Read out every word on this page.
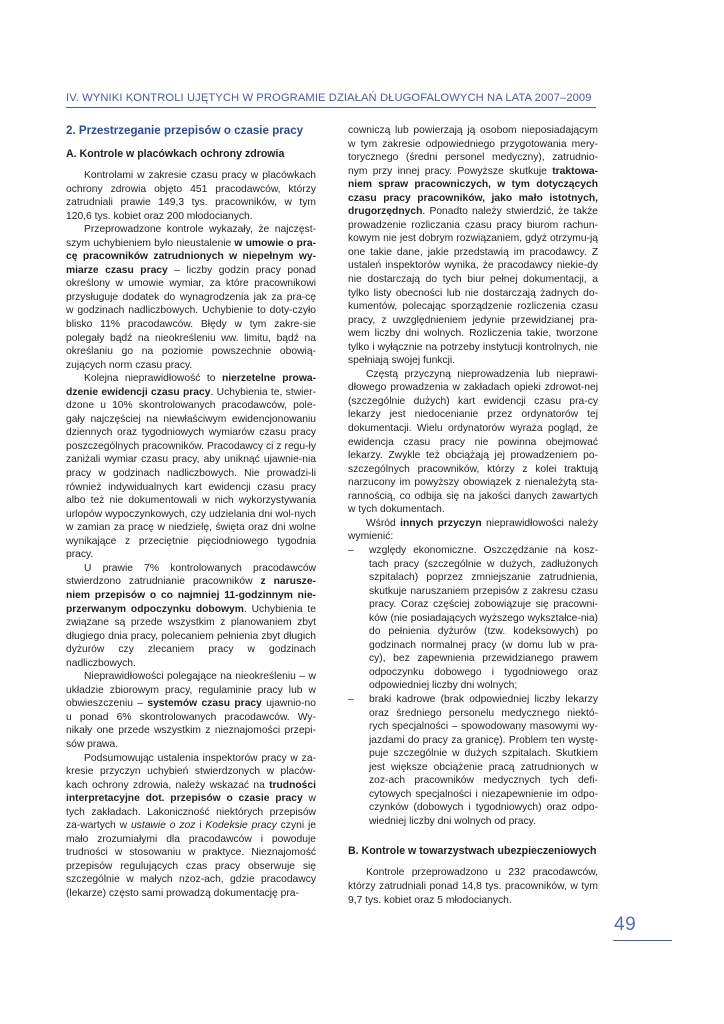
IV. WYNIKI KONTROLI UJĘTYCH W PROGRAMIE DZIAŁAŃ DŁUGOFALOWYCH NA LATA 2007–2009
2. Przestrzeganie przepisów o czasie pracy
A. Kontrole w placówkach ochrony zdrowia

Kontrolami w zakresie czasu pracy w placówkach ochrony zdrowia objęto 451 pracodawców, którzy zatrudniali prawie 149,3 tys. pracowników, w tym 120,6 tys. kobiet oraz 200 młodocianych.

Przeprowadzone kontrole wykazały, że najczęst-szym uchybieniem było nieustalenie w umowie o pra-cę pracowników zatrudnionych w niepełnym wy-miarze czasu pracy – liczby godzin pracy ponad określony w umowie wymiar, za które pracownikowi przysługuje dodatek do wynagrodzenia jak za pra-cę w godzinach nadliczbowych. Uchybienie to doty-czyło blisko 11% pracodawców. Błędy w tym zakre-sie polegały bądź na nieokreśleniu ww. limitu, bądź na określaniu go na poziomie powszechnie obowią-zujących norm czasu pracy.

Kolejna nieprawidłowość to nierzetelne prowa-dzenie ewidencji czasu pracy. Uchybienia te, stwier-dzone u 10% skontrolowanych pracodawców, pole-gały najczęściej na niewłaściwym ewidencjonowaniu dziennych oraz tygodniowych wymiarów czasu pracy poszczególnych pracowników. Pracodawcy ci z regu-ły zaniżali wymiar czasu pracy, aby uniknąć ujawnie-nia pracy w godzinach nadliczbowych. Nie prowadzi-li również indywidualnych kart ewidencji czasu pracy albo też nie dokumentowali w nich wykorzystywania urlopów wypoczynkowych, czy udzielania dni wol-nych w zamian za pracę w niedzielę, święta oraz dni wolne wynikające z przeciętnie pięciodniowego tygodnia pracy.

U prawie 7% kontrolowanych pracodawców stwierdzono zatrudnianie pracowników z naruszе-niem przepisów o co najmniej 11-godzinnym nie-przerwanym odpoczynku dobowym. Uchybienia te związane są przede wszystkim z planowaniem zbyt długiego dnia pracy, polecaniem pełnienia zbyt długich dyżurów czy zlecaniem pracy w godzinach nadliczbowych.

Nieprawidłowości polegające na nieokreśleniu – w układzie zbiorowym pracy, regulaminie pracy lub w obwieszczeniu – systemów czasu pracy ujawnio-no u ponad 6% skontrolowanych pracodawców. Wy-nikały one przede wszystkim z nieznajomości przepi-sów prawa.

Podsumowując ustalenia inspektorów pracy w za-kresie przyczyn uchybień stwierdzonych w placów-kach ochrony zdrowia, należy wskazać na trudności interpretacyjne dot. przepisów o czasie pracy w tych zakładach. Lakoniczność niektórych przepisów za-wartych w ustawie o zoz i Kodeksie pracy czyni je mało zrozumiałymi dla pracodawców i powoduje trudności w stosowaniu w praktyce. Nieznajomość przepisów regulujących czas pracy obserwuje się szczególnie w małych nzoz-ach, gdzie pracodawcy (lekarze) często sami prowadzą dokumentację pra-

cowniczą lub powierzają ją osobom nieposiadającym w tym zakresie odpowiedniego przygotowania mery-torycznego (średni personel medyczny), zatrudnio-nym przy innej pracy. Powyższe skutkuje traktowa-niem spraw pracowniczych, w tym dotyczących czasu pracy pracowników, jako mało istotnych, drugorzędnych. Ponadto należy stwierdzić, że także prowadzenie rozliczania czasu pracy biurom rachun-kowym nie jest dobrym rozwiązaniem, gdyż otrzymu-ją one takie dane, jakie przedstawią im pracodawcy. Z ustaleń inspektorów wynika, że pracodawcy niekie-dy nie dostarczają do tych biur pełnej dokumentacji, a tylko listy obecności lub nie dostarczają żadnych do-kumentów, polecając sporządzenie rozliczenia czasu pracy, z uwzględnieniem jedynie przewidzianej pra-wem liczby dni wolnych. Rozliczenia takie, tworzone tylko i wyłącznie na potrzeby instytucji kontrolnych, nie spełniają swojej funkcji.

Częstą przyczyną nieprowadzenia lub nieprawi-dłowego prowadzenia w zakładach opieki zdrowot-nej (szczególnie dużych) kart ewidencji czasu pra-cy lekarzy jest niedocenianie przez ordynatorów tej dokumentacji. Wielu ordynatorów wyraża pogląd, że ewidencja czasu pracy nie powinna obejmować lekarzy. Zwykle też obciążają jej prowadzeniem po-szczególnych pracowników, którzy z kolei traktują narzucony im powyższy obowiązek z nienależytą sta-rannością, co odbija się na jakości danych zawartych w tych dokumentach.

Wśród innych przyczyn nieprawidłowości należy wymienić:

– względy ekonomiczne. Oszczędzanie na kosz-tach pracy (szczególnie w dużych, zadłużonych szpitalach) poprzez zmniejszanie zatrudnienia, skutkuje naruszaniem przepisów z zakresu czasu pracy. Coraz częściej zobowiązuje się pracowni-ków (nie posiadających wyższego wykształce-nia) do pełnienia dyżurów (tzw. kodeksowych) po godzinach normalnej pracy (w domu lub w pra-cy), bez zapewnienia przewidzianego prawem odpoczynku dobowego i tygodniowego oraz odpowiedniej liczby dni wolnych;
– braki kadrowe (brak odpowiedniej liczby lekarzy oraz średniego personelu medycznego niektó-rych specjalności – spowodowany masowymi wy-jazdami do pracy za granicę). Problem ten wystę-puje szczególnie w dużych szpitalach. Skutkiem jest większe obciążenie pracą zatrudnionych w zoz-ach pracowników medycznych tych defi-cytowych specjalności i niezapewnienie im odpo-czynków (dobowych i tygodniowych) oraz odpo-wiedniej liczby dni wolnych od pracy.
B. Kontrole w towarzystwach ubezpieczeniowych

Kontrole przeprowadzono u 232 pracodawców, którzy zatrudniali ponad 14,8 tys. pracowników, w tym 9,7 tys. kobiet oraz 5 młodocianych.

49
